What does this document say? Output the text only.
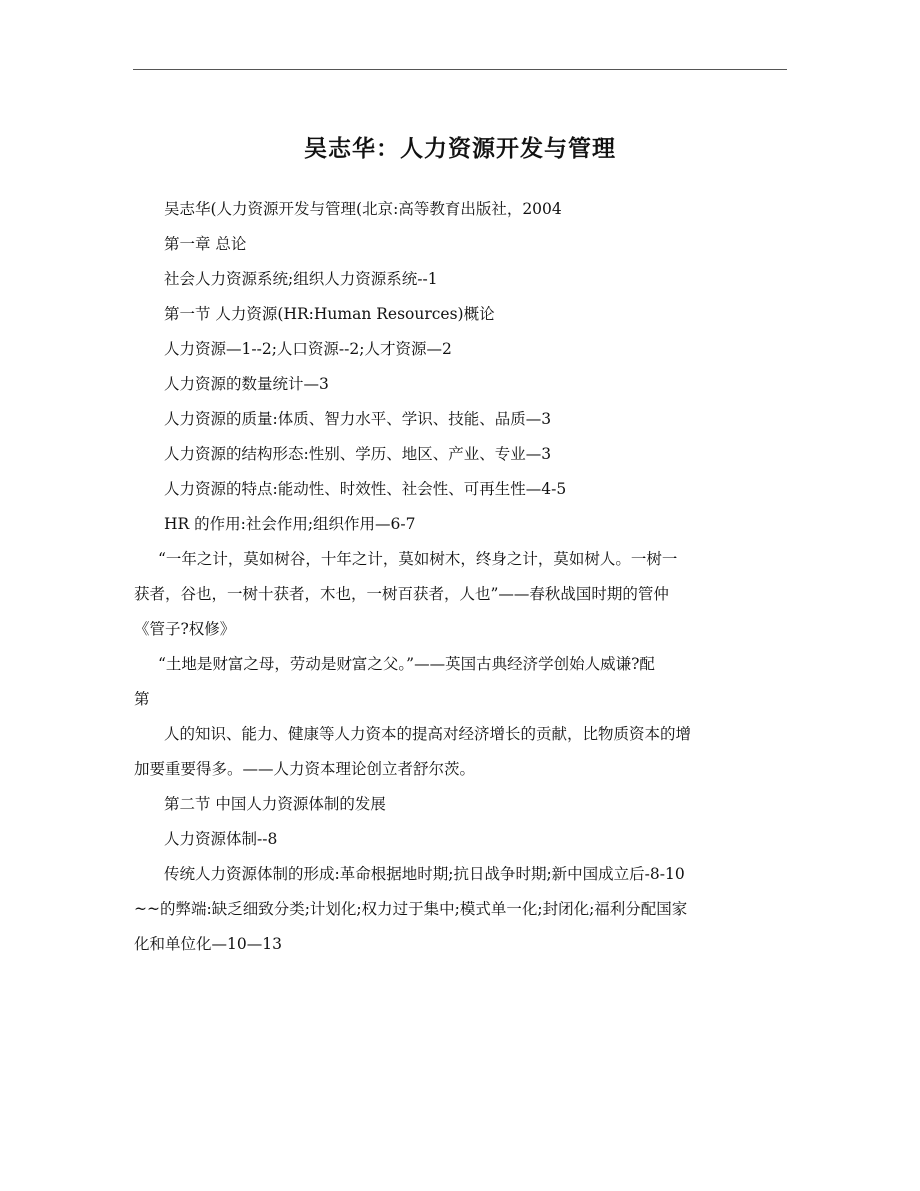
吴志华：人力资源开发与管理
吴志华(人力资源开发与管理(北京:高等教育出版社，2004
第一章 总论
社会人力资源系统;组织人力资源系统--1
第一节 人力资源(HR:Human Resources)概论
人力资源—1--2;人口资源--2;人才资源—2
人力资源的数量统计—3
人力资源的质量:体质、智力水平、学识、技能、品质—3
人力资源的结构形态:性别、学历、地区、产业、专业—3
人力资源的特点:能动性、时效性、社会性、可再生性—4-5
HR 的作用:社会作用;组织作用—6-7
“一年之计，莫如树谷，十年之计，莫如树木，终身之计，莫如树人。一树一
获者，谷也，一树十获者，木也，一树百获者，人也”——春秋战国时期的管仲
《管子?权修》
“土地是财富之母，劳动是财富之父。”——英国古典经济学创始人威谦?配
第
人的知识、能力、健康等人力资本的提高对经济增长的贡献，比物质资本的增
加要重要得多。——人力资本理论创立者舒尔茨。
第二节 中国人力资源体制的发展
人力资源体制--8
传统人力资源体制的形成:革命根据地时期;抗日战争时期;新中国成立后-8-10
~~的弊端:缺乏细致分类;计划化;权力过于集中;模式单一化;封闭化;福利分配国家
化和单位化—10—13
